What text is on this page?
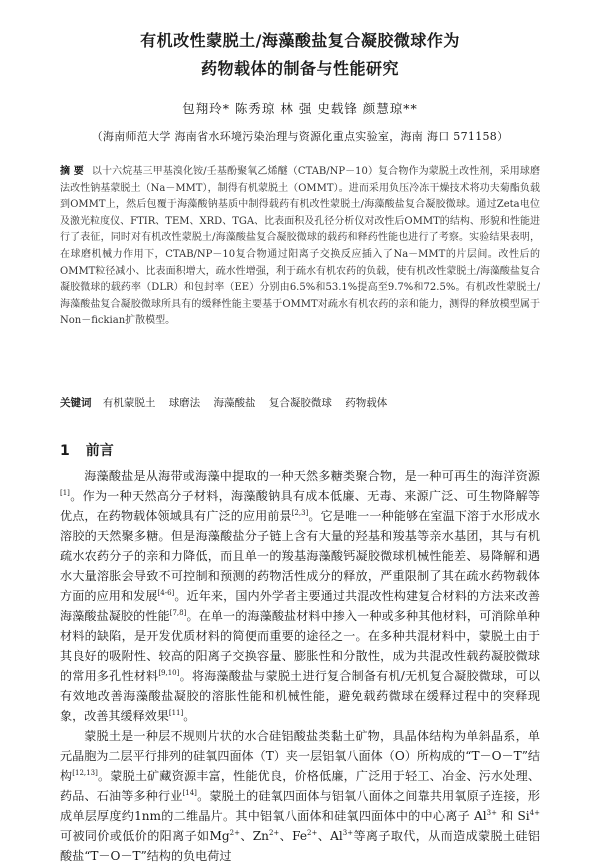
有机改性蒙脱土/海藻酸盐复合凝胶微球作为
药物载体的制备与性能研究
包翔玲* 陈秀琼 林 强 史载锋 颜慧琼**
（海南师范大学 海南省水环境污染治理与资源化重点实验室，海南 海口 571158）
摘 要 以十六烷基三甲基溴化铵/壬基酚聚氧乙烯醚（CTAB/NP－10）复合物作为蒙脱土改性剂，采用球磨法改性钠基蒙脱土（Na－MMT），制得有机蒙脱土（OMMT）。进而采用负压冷冻干燥技术将功夫菊酯负载到OMMT上，然后包覆于海藻酸钠基质中制得载药有机改性蒙脱土/海藻酸盐复合凝胶微球。通过Zeta电位及激光粒度仪、FTIR、TEM、XRD、TGA、比表面积及孔径分析仪对改性后OMMT的结构、形貌和性能进行了表征，同时对有机改性蒙脱土/海藻酸盐复合凝胶微球的载药和释药性能也进行了考察。实验结果表明，在球磨机械力作用下，CTAB/NP－10复合物通过阳离子交换反应插入了Na－MMT的片层间。改性后的OMMT粒径减小、比表面积增大，疏水性增强，利于疏水有机农药的负载，使有机改性蒙脱土/海藻酸盐复合凝胶微球的载药率（DLR）和包封率（EE）分别由6.5%和53.1%提高至9.7%和72.5%。有机改性蒙脱土/海藻酸盐复合凝胶微球所具有的缓释性能主要基于OMMT对疏水有机农药的亲和能力，测得的释放模型属于Non－fickian扩散模型。
关键词 有机蒙脱土 球磨法 海藻酸盐 复合凝胶微球 药物载体
1 前言

海藻酸盐是从海带或海藻中提取的一种天然多糖类聚合物，是一种可再生的海洋资源[1]。作为一种天然高分子材料，海藻酸钠具有成本低廉、无毒、来源广泛、可生物降解等优点，在药物载体领域具有广泛的应用前景[2,3]。它是唯一一种能够在室温下溶于水形成水溶胶的天然聚多糖。但是海藻酸盐分子链上含有大量的羟基和羧基等亲水基团，其与有机疏水农药分子的亲和力降低，而且单一的羧基海藻酸钙凝胶微球机械性能差、易降解和遇水大量溶胀会导致不可控制和预测的药物活性成分的释放，严重限制了其在疏水药物载体方面的应用和发展[4-6]。近年来，国内外学者主要通过共混改性构建复合材料的方法来改善海藻酸盐凝胶的性能[7,8]。在单一的海藻酸盐材料中掺入一种或多种其他材料，可消除单种材料的缺陷，是开发优质材料的简便而重要的途径之一。在多种共混材料中，蒙脱土由于其良好的吸附性、较高的阳离子交换容量、膨胀性和分散性，成为共混改性载药凝胶微球的常用多孔性材料[9,10]。将海藻酸盐与蒙脱土进行复合制备有机/无机复合凝胶微球，可以有效地改善海藻酸盐凝胶的溶胀性能和机械性能，避免载药微球在缓释过程中的突释现象，改善其缓释效果[11]。

蒙脱土是一种层不规则片状的水合硅铝酸盐类黏土矿物，具晶体结构为单斜晶系，单元晶胞为二层平行排列的硅氧四面体（T）夹一层铝氧八面体（O）所构成的“T－O－T”结构[12,13]。蒙脱土矿藏资源丰富，性能优良，价格低廉，广泛用于轻工、冶金、污水处理、药品、石油等多种行业[14]。蒙脱土的硅氧四面体与铝氧八面体之间靠共用氧原子连接，形成单层厚度约1nm的二维晶片。其中铝氧八面体和硅氧四面体中的中心离子 $Al^{3+}$ 和 $Si^{4+}$ 可被同价或低价的阳离子如$Mg^{2+}$、$Zn^{2+}$、$Fe^{2+}$、$Al^{3+}$等离子取代，从而造成蒙脱土硅铝酸盐“T－O－T”结构的负电荷过
